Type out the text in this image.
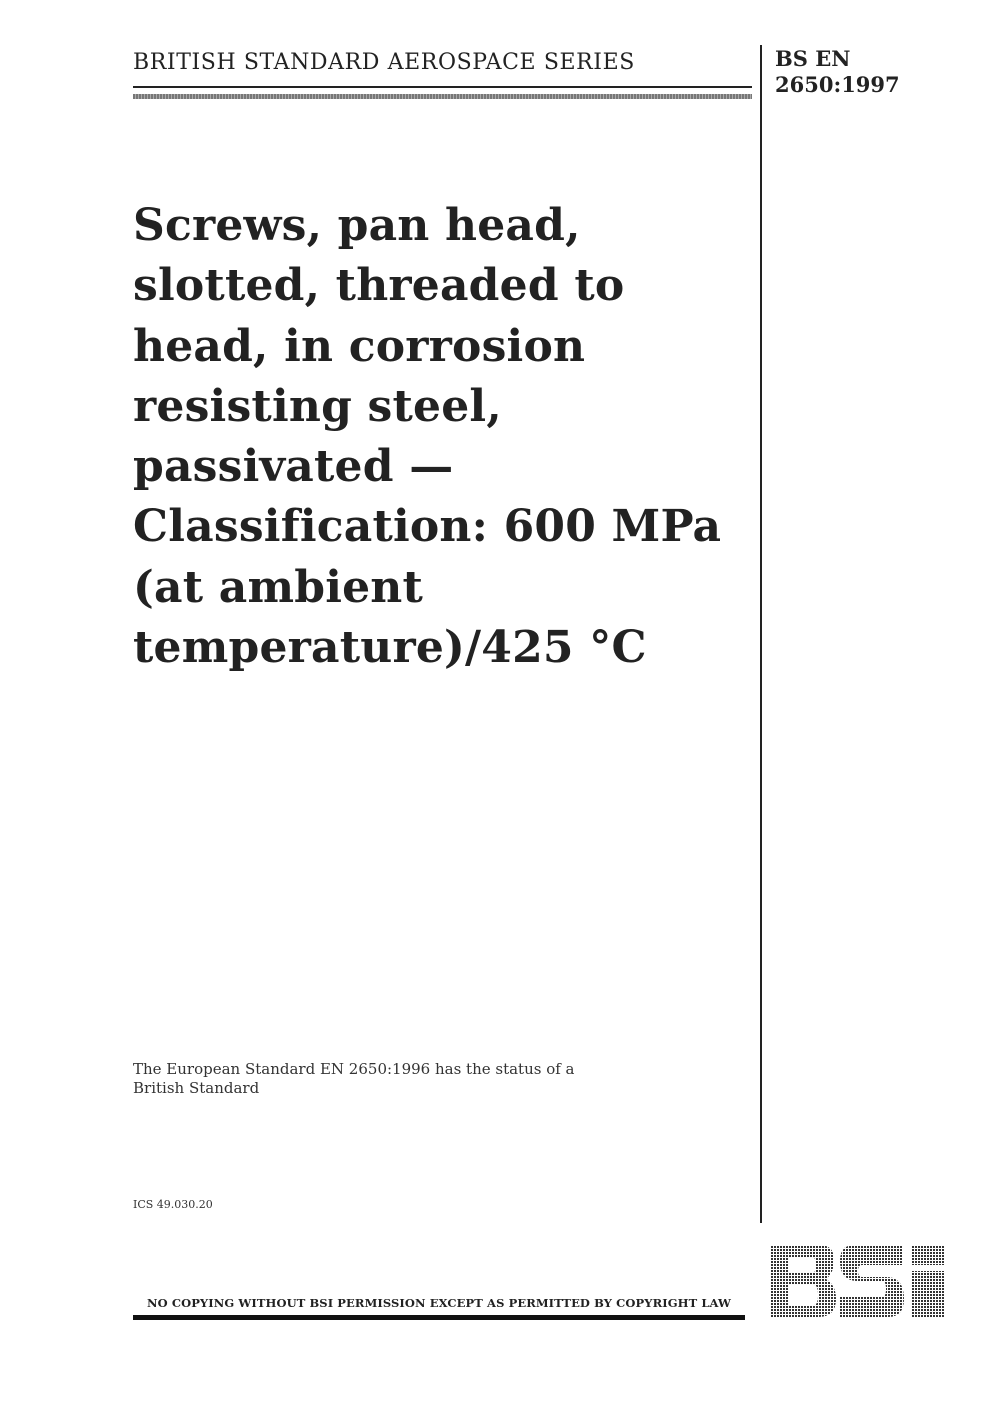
BRITISH STANDARD AEROSPACE SERIES	BS EN
2650:1997
Screws, pan head,
slotted, threaded to
head, in corrosion
resisting steel,
passivated —
Classification: 600 MPa
(at ambient
temperature)/425 °C
The European Standard EN 2650:1996 has the status of a
British Standard
ICS 49.030.20
NO COPYING WITHOUT BSI PERMISSION EXCEPT AS PERMITTED BY COPYRIGHT LAW
